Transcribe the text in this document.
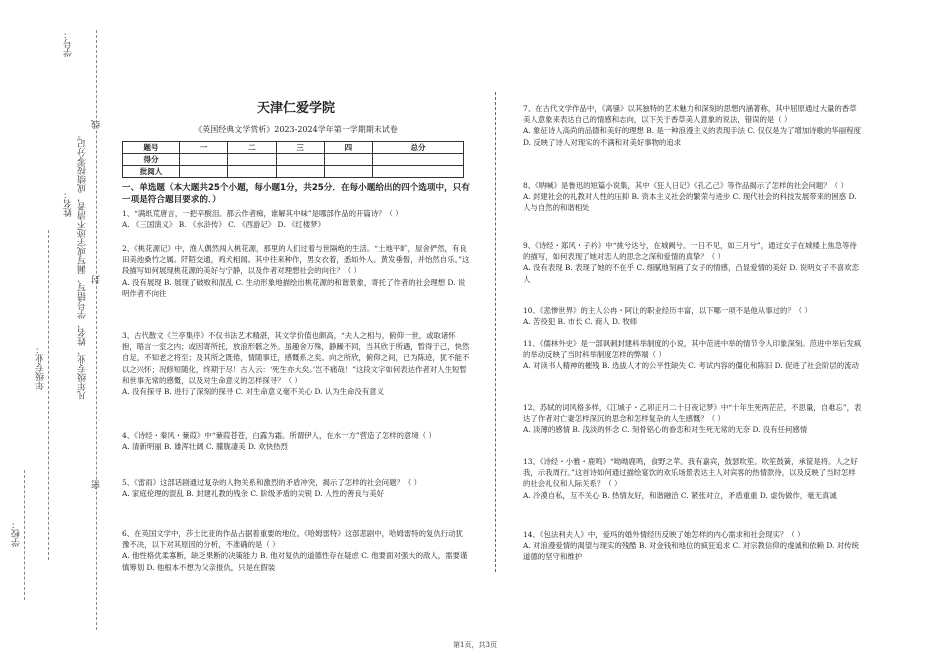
学校：
年级专业：
姓名：
学号：
凡年级专业、姓名、学号错写、漏写或字迹不清者，成绩按零分记。
线
封
密
天津仁爱学院
《英国经典文学赏析》2023-2024学年第一学期期末试卷
题号	一	二	三	四	总分
得分					
批阅人					
一、单选题（本大题共25个小题，每小题1分，共25分．在每小题给出的四个选项中，只有一项是符合题目要求的．）

1、“满纸荒唐言，一把辛酸泪。都云作者痴，谁解其中味”是哪部作品的开篇诗？（ ）

A. 《三国演义》 B. 《水浒传》 C. 《西游记》 D. 《红楼梦》

2、《桃花源记》中，渔人偶然闯入桃花源，那里的人们过着与世隔绝的生活。“土地平旷，屋舍俨然，有良田美池桑竹之属。阡陌交通，鸡犬相闻。其中往来种作，男女衣着，悉如外人。黄发垂髫，并怡然自乐。”这段描写如何展现桃花源的美好与宁静，以及作者对理想社会的向往？（ ）

A. 没有展现 B. 展现了破败和混乱 C. 生动形象地描绘出桃花源的和谐景象，寄托了作者的社会理想 D. 说明作者不向往

3、古代散文《兰亭集序》不仅书法艺术精湛，其文学价值也颇高，“夫人之相与，俯仰一世，或取诸怀抱，晤言一室之内；或因寄所托，放浪形骸之外。虽趣舍万殊，静躁不同，当其欣于所遇，暂得于己，快然自足，不知老之将至；及其所之既倦，情随事迁，感慨系之矣。向之所欣，俯仰之间，已为陈迹，犹不能不以之兴怀；况修短随化，终期于尽！古人云：‘死生亦大矣。’岂不痛哉！”这段文字如何表达作者对人生短暂和世事无常的感慨，以及对生命意义的怎样探寻？（ ）

A. 没有探寻 B. 进行了深刻的探寻 C. 对生命意义毫不关心 D. 认为生命没有意义

4、《诗经・秦风・蒹葭》中“蒹葭苍苍，白露为霜。所谓伊人，在水一方”营造了怎样的意境（ ）

A. 清新明丽 B. 雄浑壮阔 C. 朦胧凄美 D. 欢快热烈

5、《雷雨》这部话剧通过复杂的人物关系和激烈的矛盾冲突，揭示了怎样的社会问题？（ ）

A. 家庭伦理的混乱 B. 封建礼教的残余 C. 阶级矛盾的尖锐 D. 人性的善良与美好

6、在英国文学中，莎士比亚的作品占据着重要的地位。《哈姆雷特》这部悲剧中，哈姆雷特的复仇行动犹豫不决，以下对其原因的分析，不准确的是（ ）

A. 他性格优柔寡断，缺乏果断的决策能力 B. 他对复仇的道德性存在疑虑 C. 他要面对强大的敌人，需要谨慎筹划 D. 他根本不想为父亲报仇，只是在假装

7、在古代文学作品中，《离骚》以其独特的艺术魅力和深刻的思想内涵著称，其中屈原通过大量的香草美人意象来表达自己的情感和志向，以下关于香草美人意象的说法，错误的是（ ）

A. 象征诗人高尚的品德和美好的理想 B. 是一种浪漫主义的表现手法 C. 仅仅是为了增加诗歌的华丽程度 D. 反映了诗人对现实的不满和对美好事物的追求

8、《呐喊》是鲁迅的短篇小说集，其中《狂人日记》《孔乙己》等作品揭示了怎样的社会问题？（ ）

A. 封建社会的礼教对人性的压抑 B. 资本主义社会的繁荣与进步 C. 现代社会的科技发展带来的困惑 D. 人与自然的和谐相处

9、《诗经・郑风・子衿》中“挑兮达兮，在城阙兮。一日不见，如三月兮”，通过女子在城楼上焦急等待的描写，如何表现了她对恋人的思念之深和爱情的真挚？（ ）

A. 没有表现 B. 表现了她的不在乎 C. 细腻地刻画了女子的情感，凸显爱情的美好 D. 说明女子不喜欢恋人

10、《悲惨世界》的主人公冉・阿让的职业经历丰富，以下哪一项不是他从事过的？（ ）

A. 苦役犯 B. 市长 C. 商人 D. 牧师

11、《儒林外史》是一部讽刺封建科举制度的小说，其中范进中举的情节令人印象深刻。范进中举后发疯的举动反映了当时科举制度怎样的弊端（ ）

A. 对读书人精神的摧残 B. 选拔人才的公平性缺失 C. 考试内容的僵化和陈旧 D. 促进了社会阶层的流动

12、苏轼的词风格多样，《江城子・乙卯正月二十日夜记梦》中“十年生死两茫茫，不思量，自难忘”，表达了作者对亡妻怎样深沉的思念和怎样复杂的人生感慨？（ ）

A. 淡薄的感情 B. 浅淡的怀念 C. 刻骨铭心的眷恋和对生死无常的无奈 D. 没有任何感情

13、《诗经・小雅・鹿鸣》“呦呦鹿鸣，食野之苹。我有嘉宾，鼓瑟吹笙。吹笙鼓簧，承筐是将。人之好我，示我周行。”这首诗如何通过描绘宴饮的欢乐场景表达主人对宾客的热情款待，以及反映了当时怎样的社会礼仪和人际关系？（ ）

A. 冷漠自私，互不关心 B. 热情友好，和谐融洽 C. 紧张对立，矛盾重重 D. 虚伪做作，毫无真诚

14、《包法利夫人》中，爱玛的婚外情经历反映了她怎样的内心需求和社会现实？（ ）

A. 对浪漫爱情的渴望与现实的残酷 B. 对金钱和地位的疯狂追求 C. 对宗教信仰的虔诚和依赖 D. 对传统道德的坚守和维护

第1页，共3页
